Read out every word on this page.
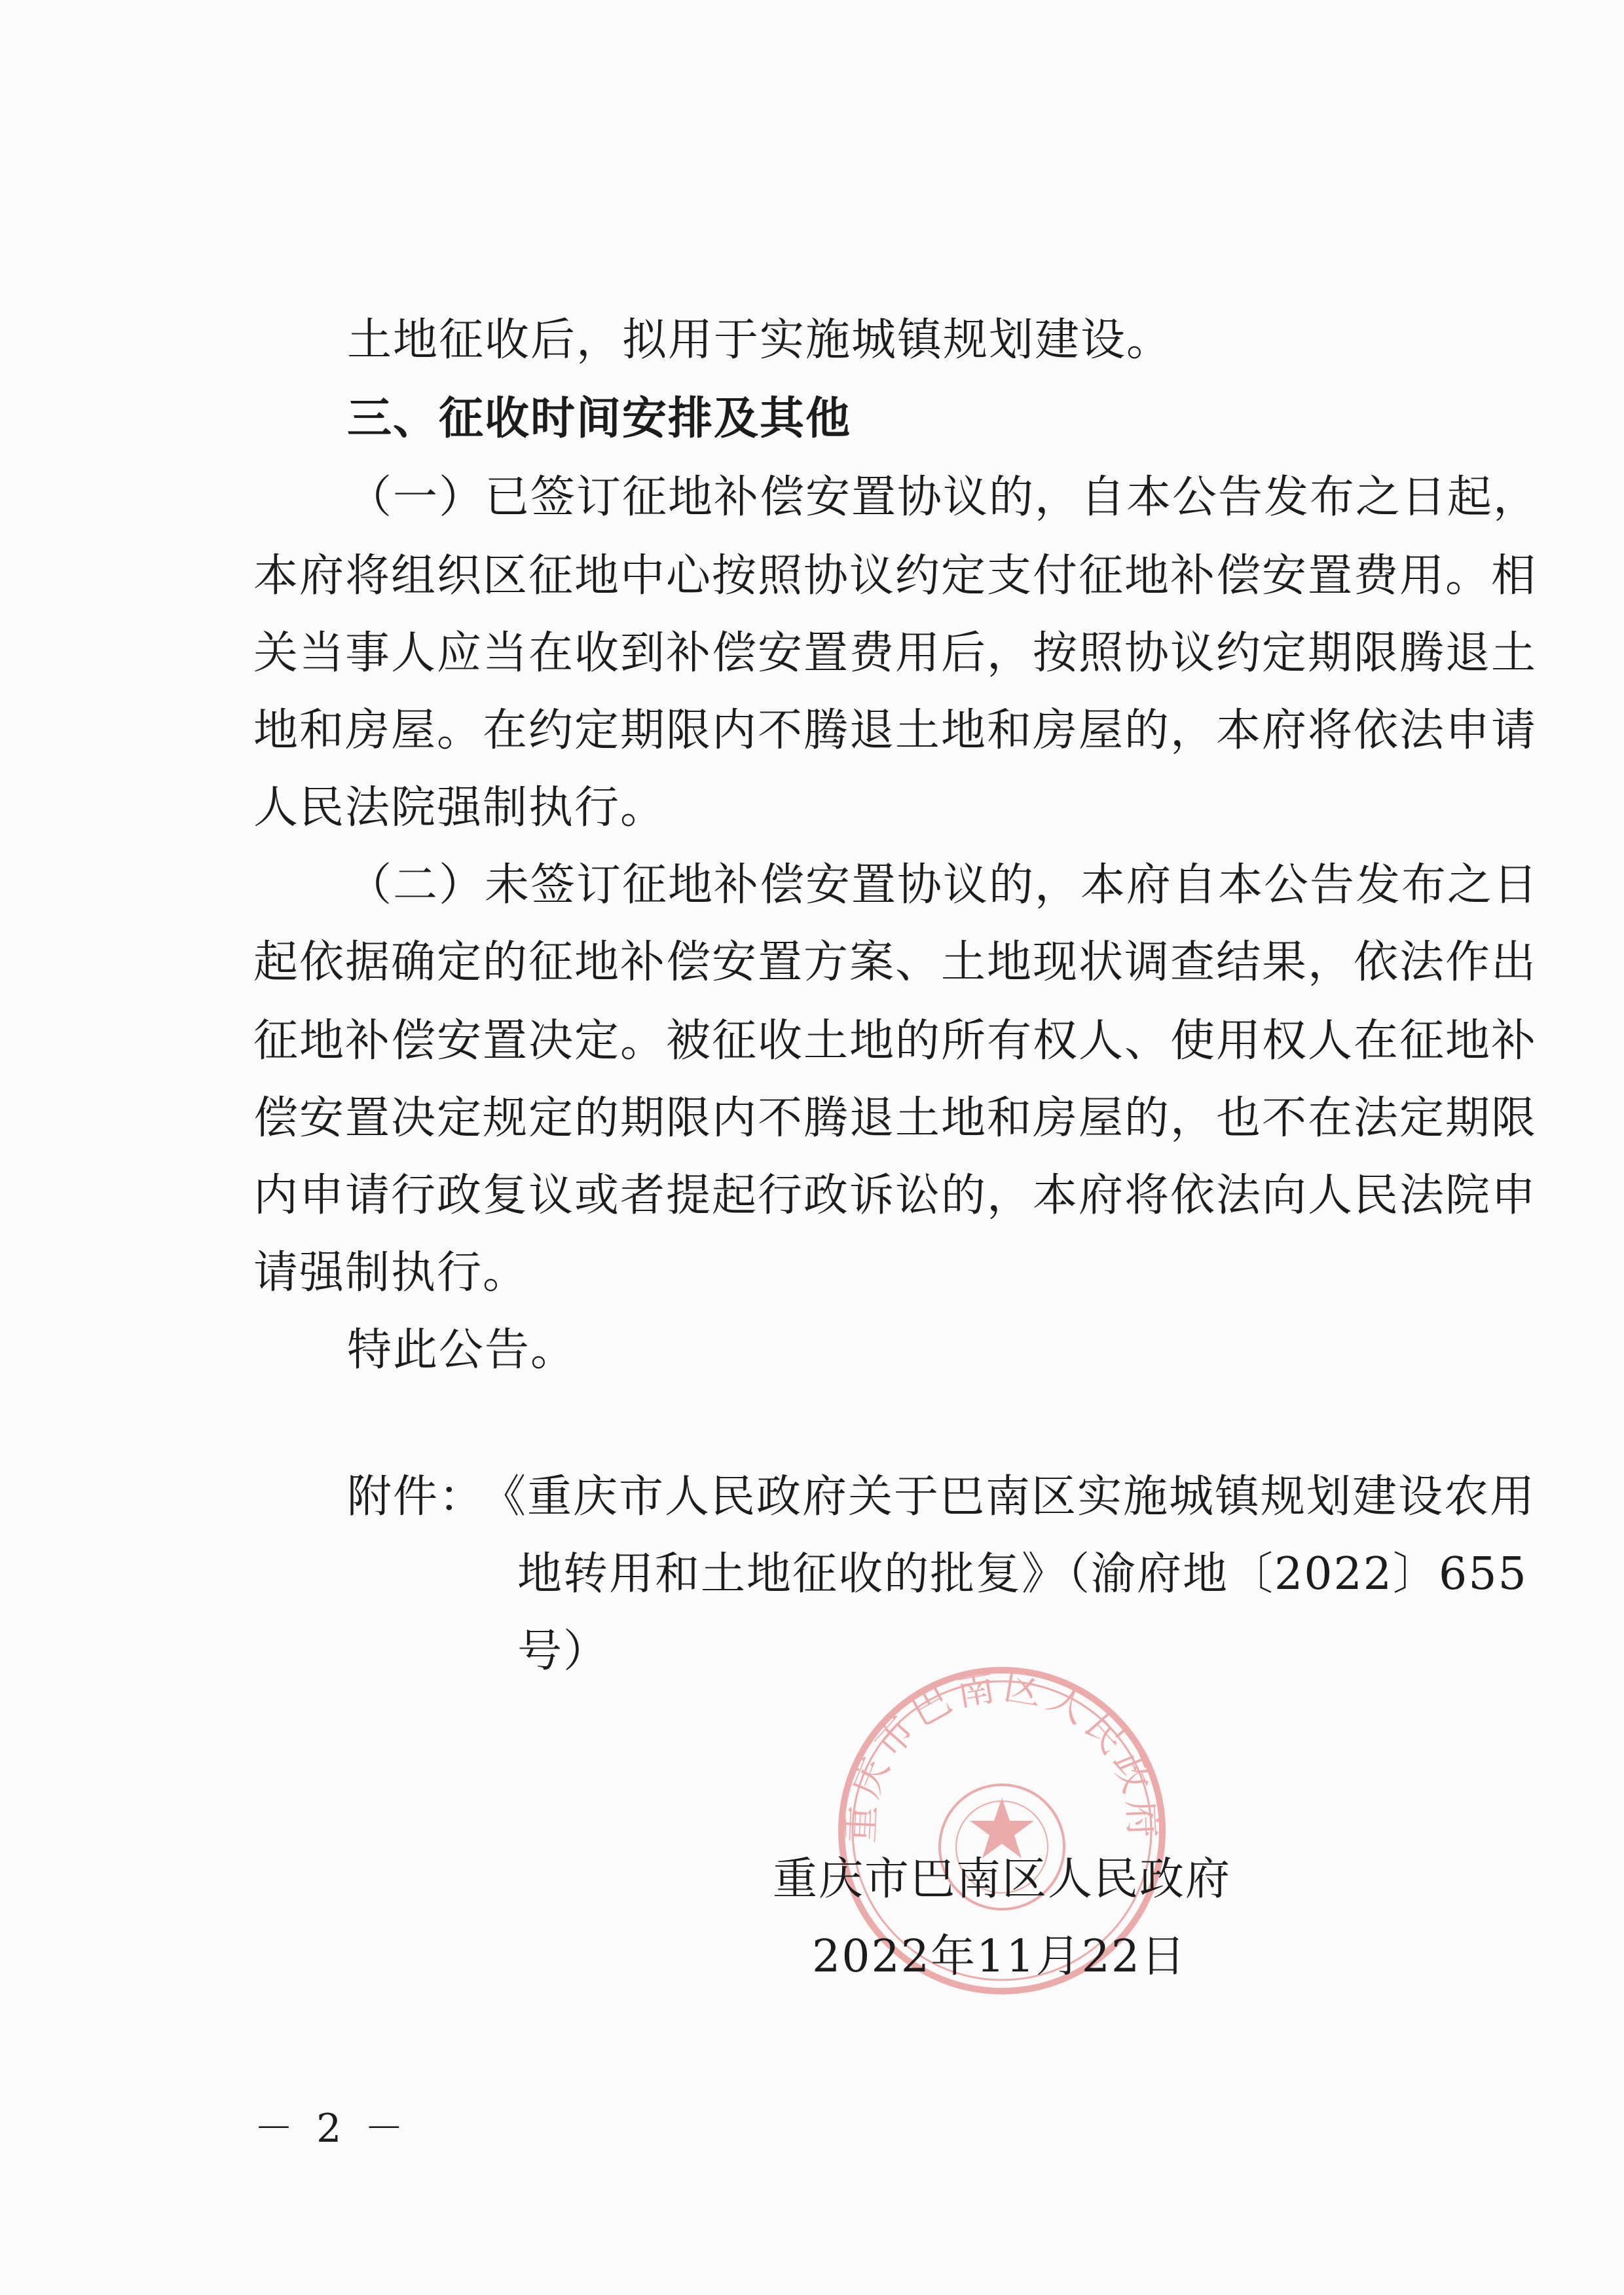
土地征收后，拟用于实施城镇规划建设。
三、征收时间安排及其他
（一）已签订征地补偿安置协议的，自本公告发布之日起，
本府将组织区征地中心按照协议约定支付征地补偿安置费用。相
关当事人应当在收到补偿安置费用后，按照协议约定期限腾退土
地和房屋。在约定期限内不腾退土地和房屋的，本府将依法申请
人民法院强制执行。
（二）未签订征地补偿安置协议的，本府自本公告发布之日
起依据确定的征地补偿安置方案、土地现状调查结果，依法作出
征地补偿安置决定。被征收土地的所有权人、使用权人在征地补
偿安置决定规定的期限内不腾退土地和房屋的，也不在法定期限
内申请行政复议或者提起行政诉讼的，本府将依法向人民法院申
请强制执行。
特此公告。
附件：
《重庆市人民政府关于巴南区实施城镇规划建设农用
地转用和土地征收的批复》（渝府地〔2022〕655
号）
重庆市巴南区人民政府
重庆市巴南区人民政府
2022年11月22日
－ 2 －
